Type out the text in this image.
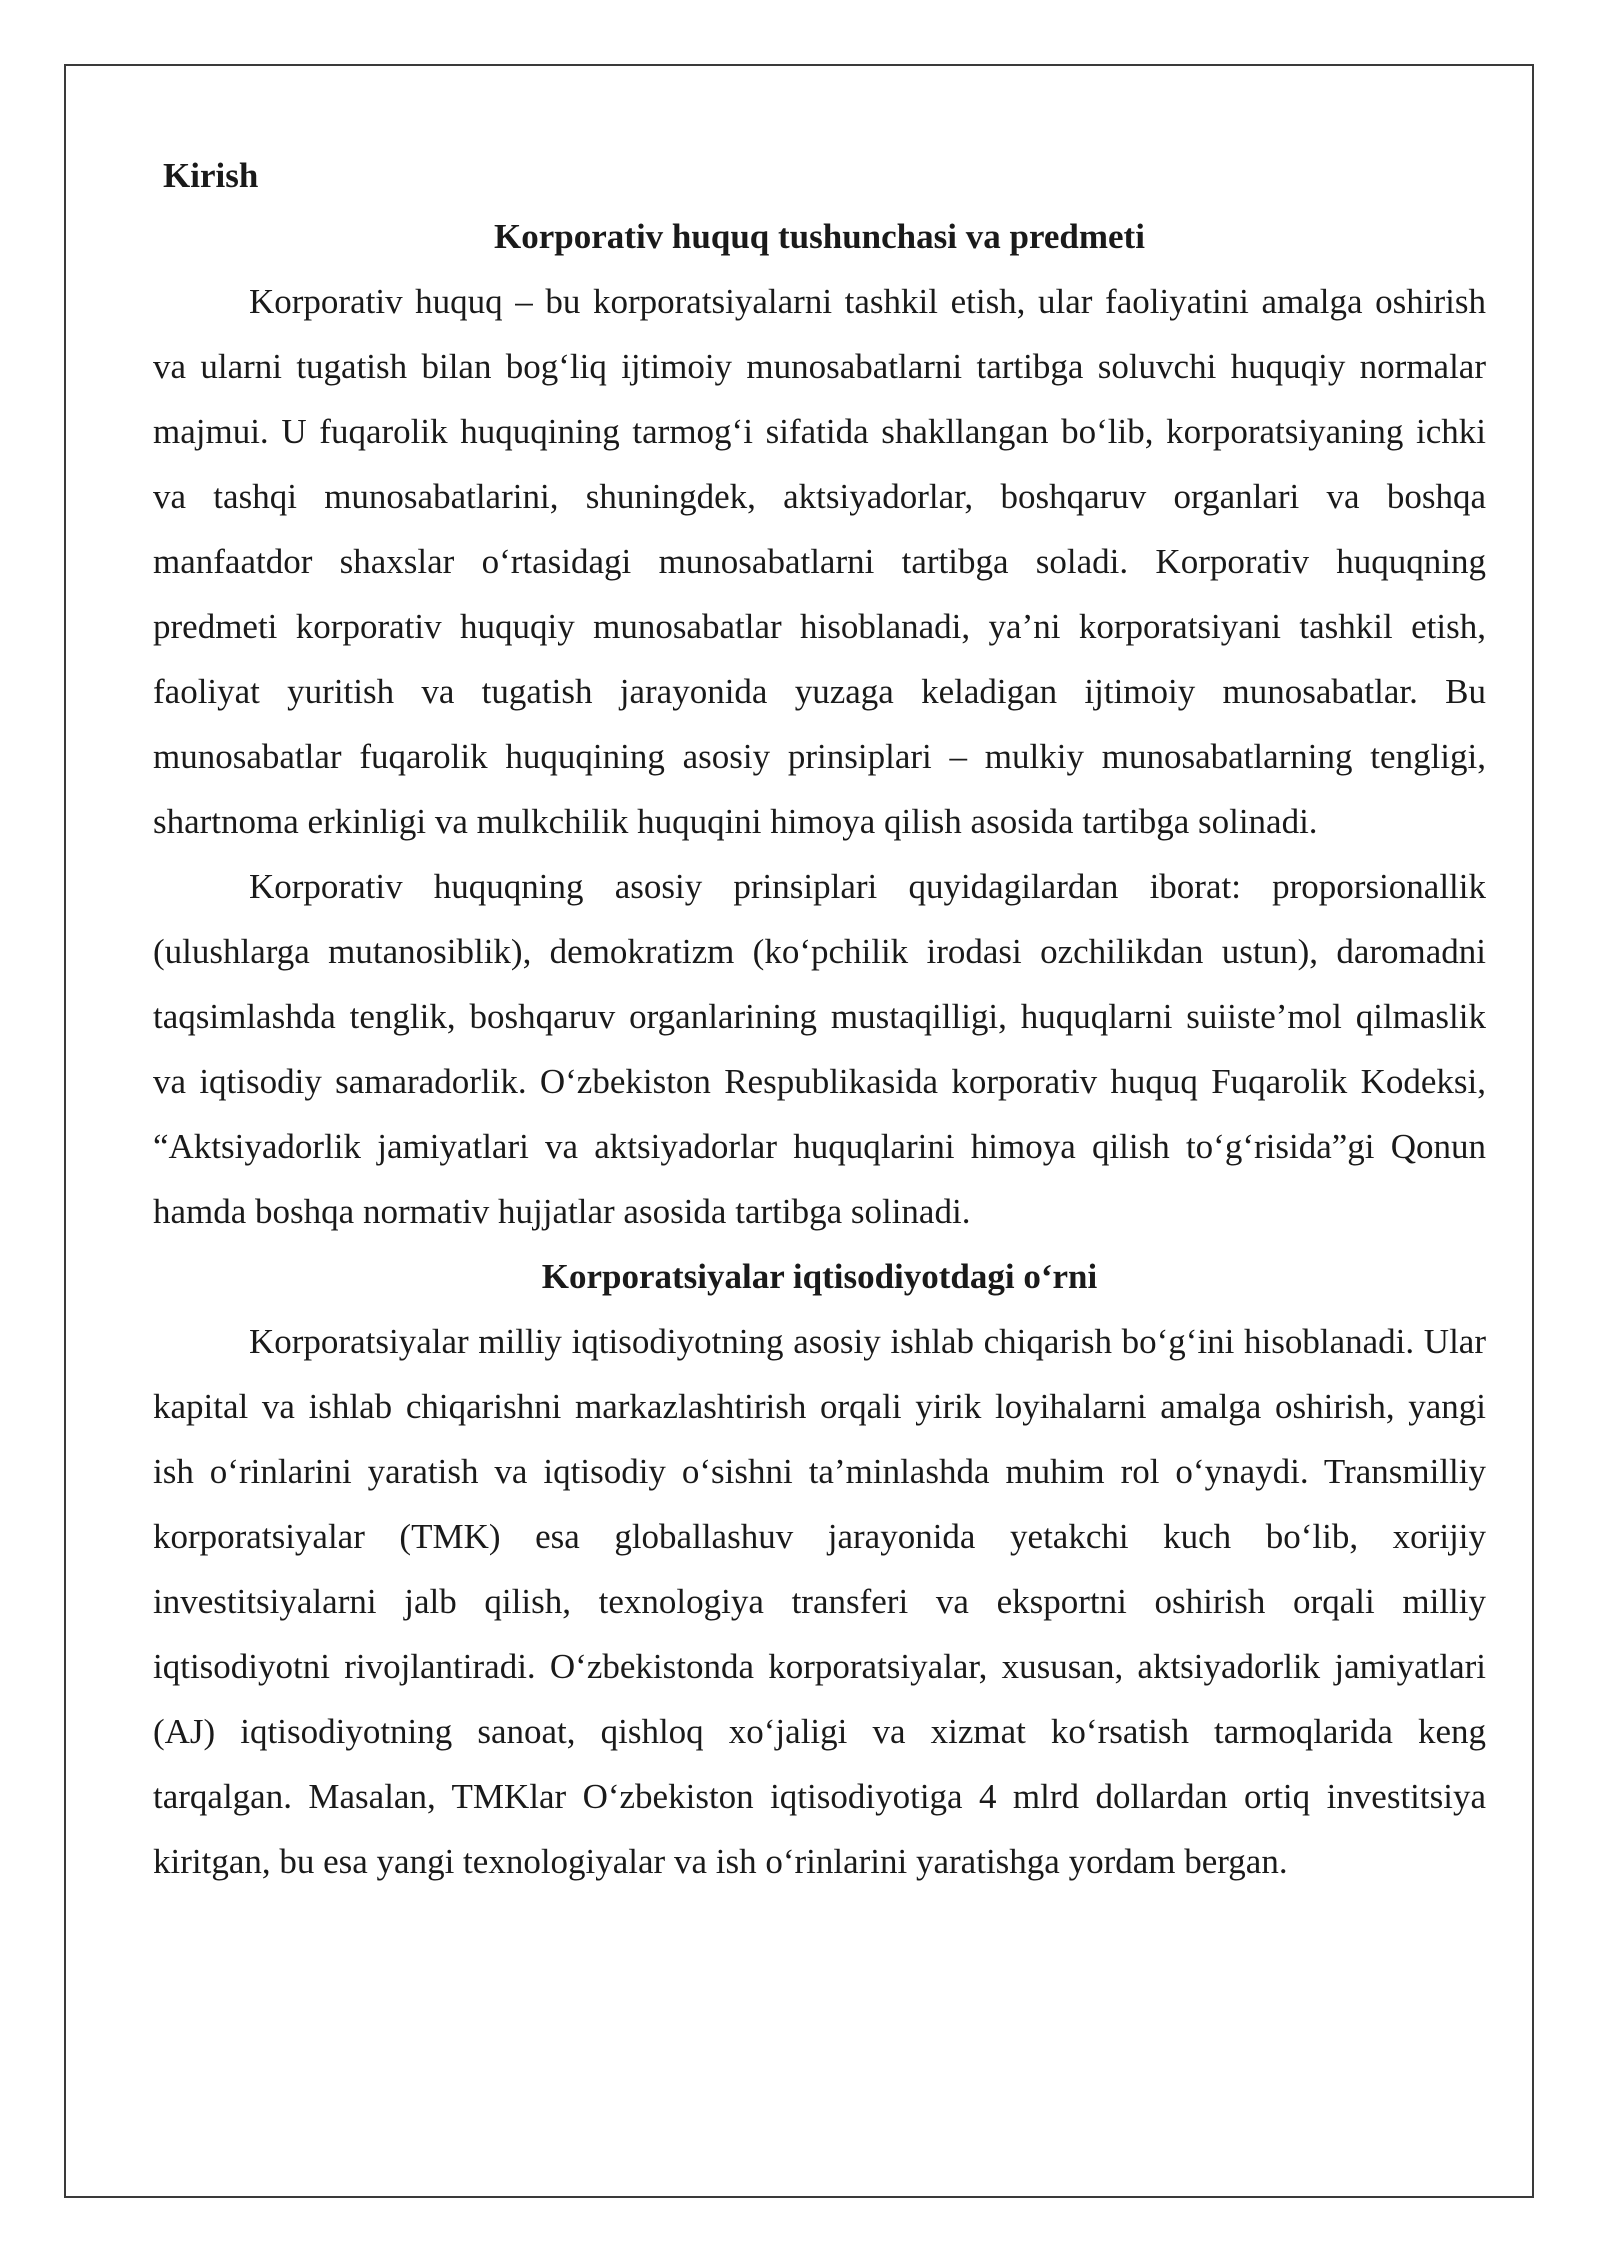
Kirish

Korporativ huquq tushunchasi va predmeti

Korporativ huquq – bu korporatsiyalarni tashkil etish, ular faoliyatini amalga oshirish va ularni tugatish bilan bog‘liq ijtimoiy munosabatlarni tartibga soluvchi huquqiy normalar majmui. U fuqarolik huquqining tarmog‘i sifatida shakllangan bo‘lib, korporatsiyaning ichki va tashqi munosabatlarini, shuningdek, aktsiyadorlar, boshqaruv organlari va boshqa manfaatdor shaxslar o‘rtasidagi munosabatlarni tartibga soladi. Korporativ huquqning predmeti korporativ huquqiy munosabatlar hisoblanadi, ya’ni korporatsiyani tashkil etish, faoliyat yuritish va tugatish jarayonida yuzaga keladigan ijtimoiy munosabatlar. Bu munosabatlar fuqarolik huquqining asosiy prinsiplari – mulkiy munosabatlarning tengligi, shartnoma erkinligi va mulkchilik huquqini himoya qilish asosida tartibga solinadi.

Korporativ huquqning asosiy prinsiplari quyidagilardan iborat: proporsionallik (ulushlarga mutanosiblik), demokratizm (ko‘pchilik irodasi ozchilikdan ustun), daromadni taqsimlashda tenglik, boshqaruv organlarining mustaqilligi, huquqlarni suiiste’mol qilmaslik va iqtisodiy samaradorlik. O‘zbekiston Respublikasida korporativ huquq Fuqarolik Kodeksi, “Aktsiyadorlik jamiyatlari va aktsiyadorlar huquqlarini himoya qilish to‘g‘risida”gi Qonun hamda boshqa normativ hujjatlar asosida tartibga solinadi.

Korporatsiyalar iqtisodiyotdagi o‘rni

Korporatsiyalar milliy iqtisodiyotning asosiy ishlab chiqarish bo‘g‘ini hisoblanadi. Ular kapital va ishlab chiqarishni markazlashtirish orqali yirik loyihalarni amalga oshirish, yangi ish o‘rinlarini yaratish va iqtisodiy o‘sishni ta’minlashda muhim rol o‘ynaydi. Transmilliy korporatsiyalar (TMK) esa globallashuv jarayonida yetakchi kuch bo‘lib, xorijiy investitsiyalarni jalb qilish, texnologiya transferi va eksportni oshirish orqali milliy iqtisodiyotni rivojlantiradi. O‘zbekistonda korporatsiyalar, xususan, aktsiyadorlik jamiyatlari (AJ) iqtisodiyotning sanoat, qishloq xo‘jaligi va xizmat ko‘rsatish tarmoqlarida keng tarqalgan. Masalan, TMKlar O‘zbekiston iqtisodiyotiga 4 mlrd dollardan ortiq investitsiya kiritgan, bu esa yangi texnologiyalar va ish o‘rinlarini yaratishga yordam bergan.
